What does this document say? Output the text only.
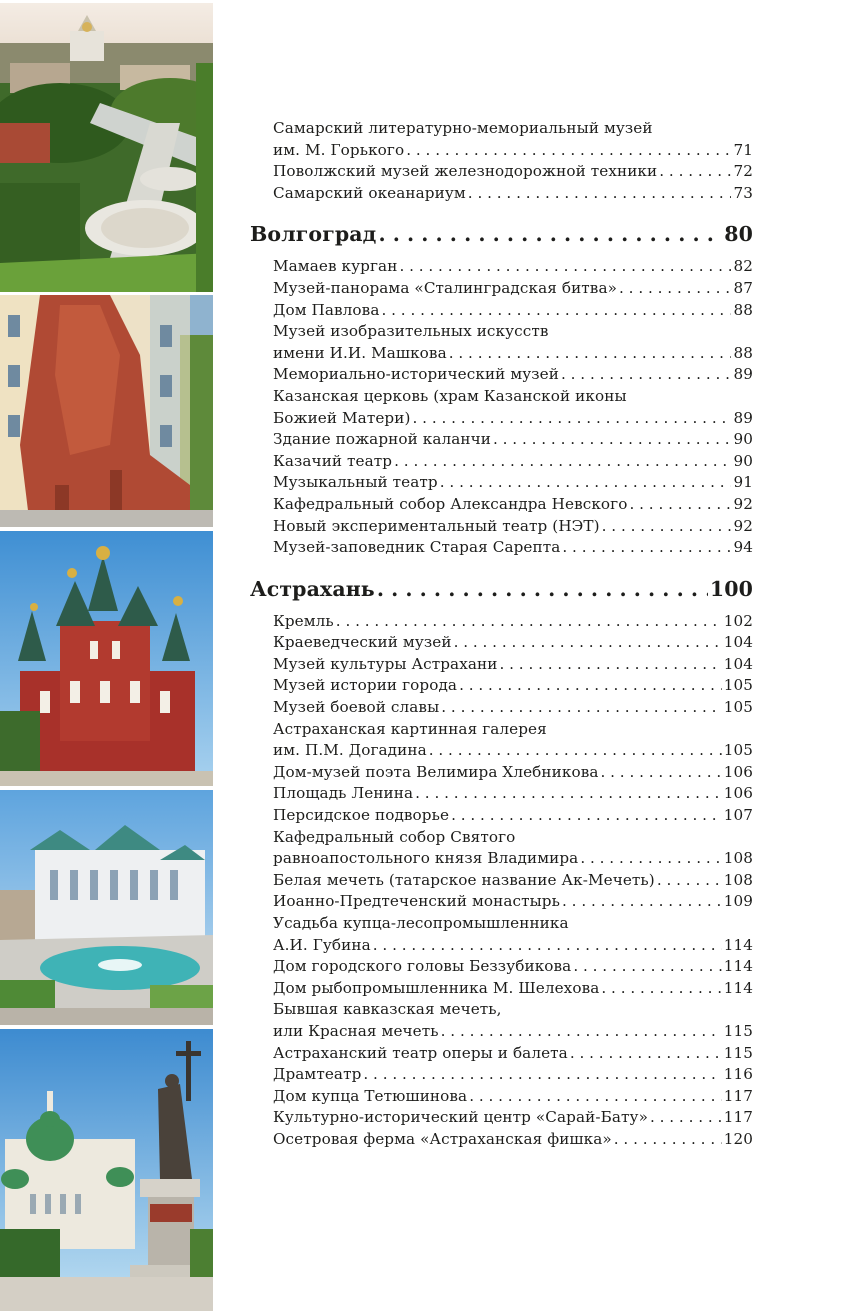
Самарский литературно-мемориальный музей
им. М. Горького . . .	71
Поволжский музей железнодорожной техники . . .	72
Самарский океанариум . . .	73
Волгоград . . .	80
Мамаев курган . . .	82
Музей-панорама «Сталинградская битва» . . .	87
Дом Павлова . . .	88
Музей изобразительных искусств
имени И.И. Машкова . . .	88
Мемориально-исторический музей . . .	89
Казанская церковь (храм Казанской иконы
Божией Матери) . . .	89
Здание пожарной каланчи . . .	90
Казачий театр . . .	90
Музыкальный театр . . .	91
Кафедральный собор Александра Невского . . .	92
Новый экспериментальный театр (НЭТ) . . .	92
Музей-заповедник Старая Сарепта . . .	94
Астрахань . . .	100
Кремль . . .	102
Краеведческий музей . . .	104
Музей культуры Астрахани . . .	104
Музей истории города . . .	105
Музей боевой славы . . .	105
Астраханская картинная галерея
им. П.М. Догадина . . .	105
Дом-музей поэта Велимира Хлебникова . . .	106
Площадь Ленина . . .	106
Персидское подворье . . .	107
Кафедральный собор Святого
равноапостольного князя Владимира . . .	108
Белая мечеть (татарское название Ак-Мечеть) . . .	108
Иоанно-Предтеченский монастырь . . .	109
Усадьба купца-лесопромышленника
А.И. Губина . . .	114
Дом городского головы Беззубикова . . .	114
Дом рыбопромышленника М. Шелехова . . .	114
Бывшая кавказская мечеть,
или Красная мечеть . . .	115
Астраханский театр оперы и балета . . .	115
Драмтеатр . . .	116
Дом купца Тетюшинова . . .	117
Культурно-исторический центр «Сарай-Бату» . . .	117
Осетровая ферма «Астраханская фишка» . . .	120
